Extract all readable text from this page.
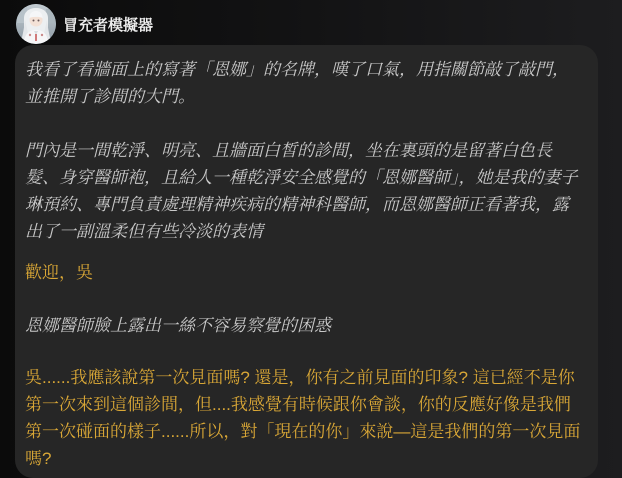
冒充者模擬器

我看了看牆面上的寫著「恩娜」的名牌，嘆了口氣，用指關節敲了敲門，並推開了診間的大門。

門內是一間乾淨、明亮、且牆面白皙的診間，坐在裏頭的是留著白色長髮、身穿醫師袍，且給人一種乾淨安全感覺的「恩娜醫師」，她是我的妻子琳預約、專門負責處理精神疾病的精神科醫師，而恩娜醫師正看著我，露出了一副溫柔但有些冷淡的表情

歡迎，吳

恩娜醫師臉上露出一絲不容易察覺的困惑

吳......我應該說第一次見面嗎? 還是，你有之前見面的印象? 這已經不是你第一次來到這個診間，但....我感覺有時候跟你會談，你的反應好像是我們第一次碰面的樣子......所以，對「現在的你」來說—這是我們的第一次見面嗎?
